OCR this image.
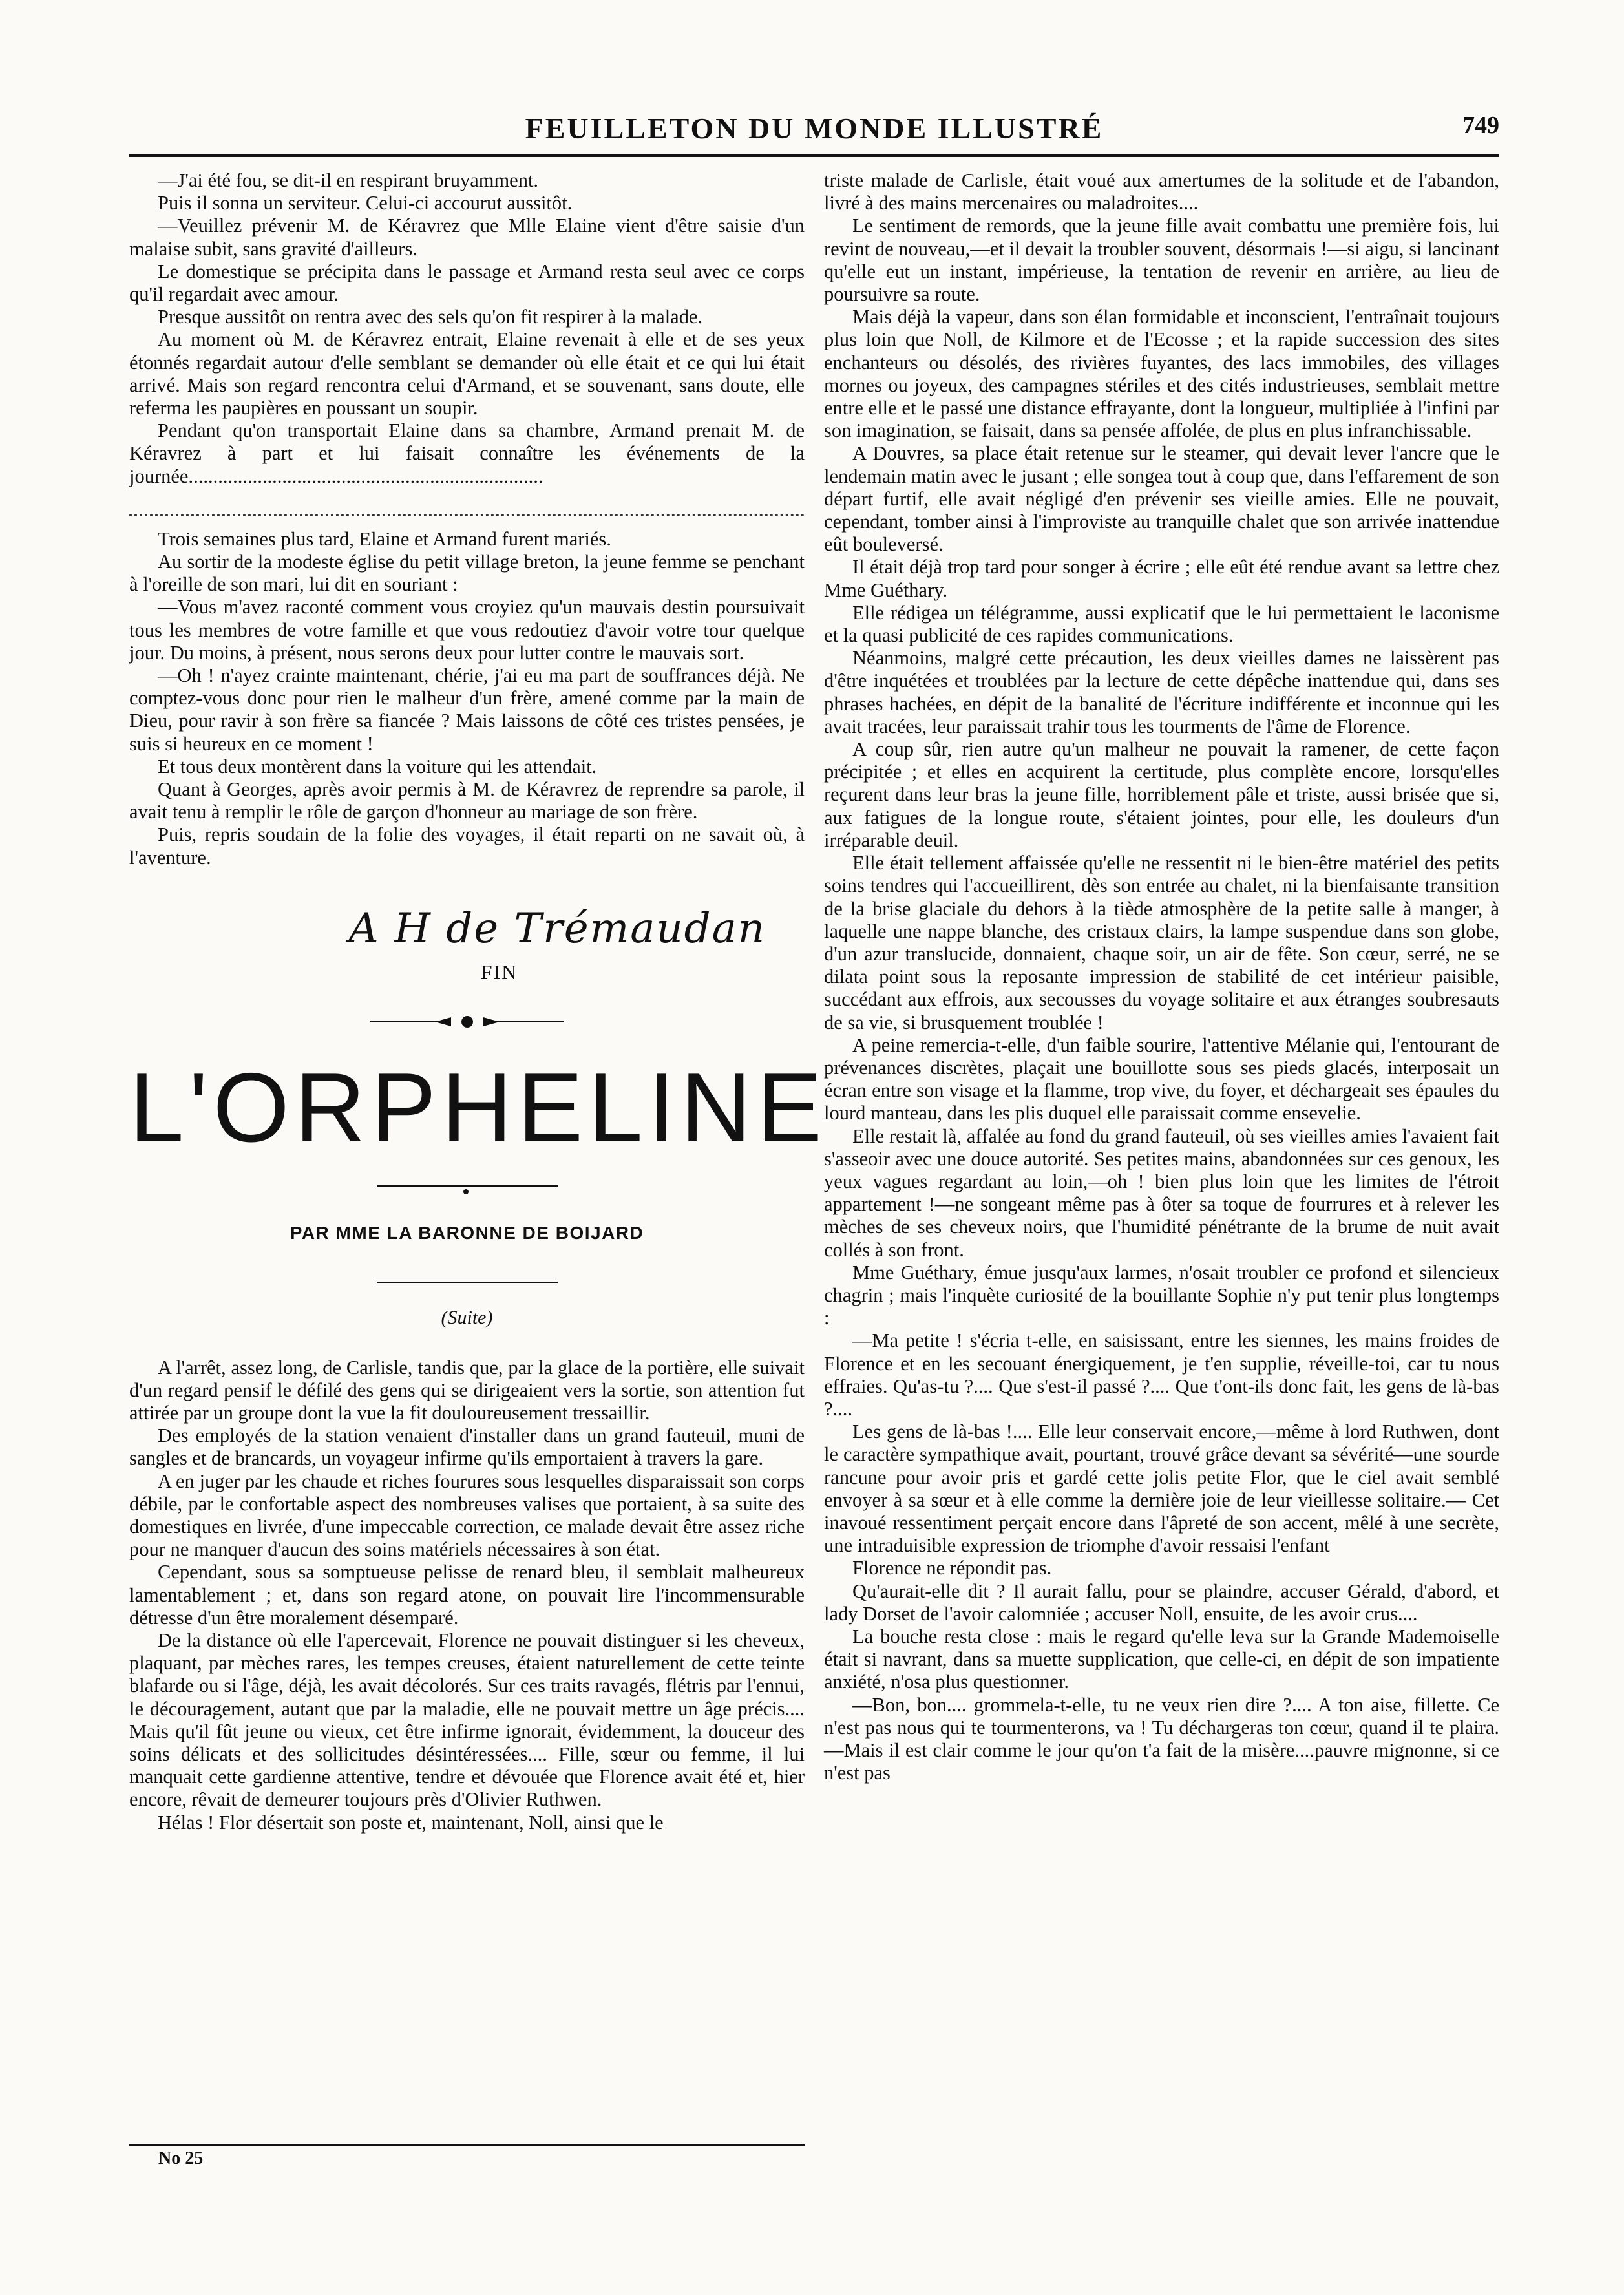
FEUILLETON DU MONDE ILLUSTRÉ	749

—J'ai été fou, se dit-il en respirant bruyamment.

Puis il sonna un serviteur. Celui-ci accourut aussitôt.

—Veuillez prévenir M. de Kéravrez que Mlle Elaine vient d'être saisie d'un malaise subit, sans gravité d'ailleurs.

Le domestique se précipita dans le passage et Armand resta seul avec ce corps qu'il regardait avec amour.

Presque aussitôt on rentra avec des sels qu'on fit respirer à la malade.

Au moment où M. de Kéravrez entrait, Elaine revenait à elle et de ses yeux étonnés regardait autour d'elle semblant se demander où elle était et ce qui lui était arrivé. Mais son regard rencontra celui d'Armand, et se souvenant, sans doute, elle referma les paupières en poussant un soupir.

Pendant qu'on transportait Elaine dans sa chambre, Armand prenait M. de Kéravrez à part et lui faisait connaître les événements de la journée........................................................................

Trois semaines plus tard, Elaine et Armand furent mariés.

Au sortir de la modeste église du petit village breton, la jeune femme se penchant à l'oreille de son mari, lui dit en souriant :

—Vous m'avez raconté comment vous croyiez qu'un mauvais destin poursuivait tous les membres de votre famille et que vous redoutiez d'avoir votre tour quelque jour. Du moins, à présent, nous serons deux pour lutter contre le mauvais sort.

—Oh ! n'ayez crainte maintenant, chérie, j'ai eu ma part de souffrances déjà. Ne comptez-vous donc pour rien le malheur d'un frère, amené comme par la main de Dieu, pour ravir à son frère sa fiancée ? Mais laissons de côté ces tristes pensées, je suis si heureux en ce moment !

Et tous deux montèrent dans la voiture qui les attendait.

Quant à Georges, après avoir permis à M. de Kéravrez de reprendre sa parole, il avait tenu à remplir le rôle de garçon d'honneur au mariage de son frère.

Puis, repris soudain de la folie des voyages, il était reparti on ne savait où, à l'aventure.

A H de Trémaudan
FIN
L'ORPHELINE
PAR MME LA BARONNE DE BOIJARD
(Suite)

A l'arrêt, assez long, de Carlisle, tandis que, par la glace de la portière, elle suivait d'un regard pensif le défilé des gens qui se dirigeaient vers la sortie, son attention fut attirée par un groupe dont la vue la fit douloureusement tressaillir.

Des employés de la station venaient d'installer dans un grand fauteuil, muni de sangles et de brancards, un voyageur infirme qu'ils emportaient à travers la gare.

A en juger par les chaude et riches fourures sous lesquelles disparaissait son corps débile, par le confortable aspect des nombreuses valises que portaient, à sa suite des domestiques en livrée, d'une impeccable correction, ce malade devait être assez riche pour ne manquer d'aucun des soins matériels nécessaires à son état.

Cependant, sous sa somptueuse pelisse de renard bleu, il semblait malheureux lamentablement ; et, dans son regard atone, on pouvait lire l'incommensurable détresse d'un être moralement désemparé.

De la distance où elle l'apercevait, Florence ne pouvait distinguer si les cheveux, plaquant, par mèches rares, les tempes creuses, étaient naturellement de cette teinte blafarde ou si l'âge, déjà, les avait décolorés. Sur ces traits ravagés, flétris par l'ennui, le découragement, autant que par la maladie, elle ne pouvait mettre un âge précis.... Mais qu'il fût jeune ou vieux, cet être infirme ignorait, évidemment, la douceur des soins délicats et des sollicitudes désintéressées.... Fille, sœur ou femme, il lui manquait cette gardienne attentive, tendre et dévouée que Florence avait été et, hier encore, rêvait de demeurer toujours près d'Olivier Ruthwen.

Hélas ! Flor désertait son poste et, maintenant, Noll, ainsi que le

triste malade de Carlisle, était voué aux amertumes de la solitude et de l'abandon, livré à des mains mercenaires ou maladroites....

Le sentiment de remords, que la jeune fille avait combattu une première fois, lui revint de nouveau,—et il devait la troubler souvent, désormais !—si aigu, si lancinant qu'elle eut un instant, impérieuse, la tentation de revenir en arrière, au lieu de poursuivre sa route.

Mais déjà la vapeur, dans son élan formidable et inconscient, l'entraînait toujours plus loin que Noll, de Kilmore et de l'Ecosse ; et la rapide succession des sites enchanteurs ou désolés, des rivières fuyantes, des lacs immobiles, des villages mornes ou joyeux, des campagnes stériles et des cités industrieuses, semblait mettre entre elle et le passé une distance effrayante, dont la longueur, multipliée à l'infini par son imagination, se faisait, dans sa pensée affolée, de plus en plus infranchissable.

A Douvres, sa place était retenue sur le steamer, qui devait lever l'ancre que le lendemain matin avec le jusant ; elle songea tout à coup que, dans l'effarement de son départ furtif, elle avait négligé d'en prévenir ses vieille amies. Elle ne pouvait, cependant, tomber ainsi à l'improviste au tranquille chalet que son arrivée inattendue eût bouleversé.

Il était déjà trop tard pour songer à écrire ; elle eût été rendue avant sa lettre chez Mme Guéthary.

Elle rédigea un télégramme, aussi explicatif que le lui permettaient le laconisme et la quasi publicité de ces rapides communications.

Néanmoins, malgré cette précaution, les deux vieilles dames ne laissèrent pas d'être inquétées et troublées par la lecture de cette dépêche inattendue qui, dans ses phrases hachées, en dépit de la banalité de l'écriture indifférente et inconnue qui les avait tracées, leur paraissait trahir tous les tourments de l'âme de Florence.

A coup sûr, rien autre qu'un malheur ne pouvait la ramener, de cette façon précipitée ; et elles en acquirent la certitude, plus complète encore, lorsqu'elles reçurent dans leur bras la jeune fille, horriblement pâle et triste, aussi brisée que si, aux fatigues de la longue route, s'étaient jointes, pour elle, les douleurs d'un irréparable deuil.

Elle était tellement affaissée qu'elle ne ressentit ni le bien-être matériel des petits soins tendres qui l'accueillirent, dès son entrée au chalet, ni la bienfaisante transition de la brise glaciale du dehors à la tiède atmosphère de la petite salle à manger, à laquelle une nappe blanche, des cristaux clairs, la lampe suspendue dans son globe, d'un azur translucide, donnaient, chaque soir, un air de fête. Son cœur, serré, ne se dilata point sous la reposante impression de stabilité de cet intérieur paisible, succédant aux effrois, aux secousses du voyage solitaire et aux étranges soubresauts de sa vie, si brusquement troublée !

A peine remercia-t-elle, d'un faible sourire, l'attentive Mélanie qui, l'entourant de prévenances discrètes, plaçait une bouillotte sous ses pieds glacés, interposait un écran entre son visage et la flamme, trop vive, du foyer, et déchargeait ses épaules du lourd manteau, dans les plis duquel elle paraissait comme ensevelie.

Elle restait là, affalée au fond du grand fauteuil, où ses vieilles amies l'avaient fait s'asseoir avec une douce autorité. Ses petites mains, abandonnées sur ces genoux, les yeux vagues regardant au loin,—oh ! bien plus loin que les limites de l'étroit appartement !—ne songeant même pas à ôter sa toque de fourrures et à relever les mèches de ses cheveux noirs, que l'humidité pénétrante de la brume de nuit avait collés à son front.

Mme Guéthary, émue jusqu'aux larmes, n'osait troubler ce profond et silencieux chagrin ; mais l'inquète curiosité de la bouillante Sophie n'y put tenir plus longtemps :

—Ma petite ! s'écria t-elle, en saisissant, entre les siennes, les mains froides de Florence et en les secouant énergiquement, je t'en supplie, réveille-toi, car tu nous effraies. Qu'as-tu ?.... Que s'est-il passé ?.... Que t'ont-ils donc fait, les gens de là-bas ?....

Les gens de là-bas !.... Elle leur conservait encore,—même à lord Ruthwen, dont le caractère sympathique avait, pourtant, trouvé grâce devant sa sévérité—une sourde rancune pour avoir pris et gardé cette jolis petite Flor, que le ciel avait semblé envoyer à sa sœur et à elle comme la dernière joie de leur vieillesse solitaire.— Cet inavoué ressentiment perçait encore dans l'âpreté de son accent, mêlé à une secrète, une intraduisible expression de triomphe d'avoir ressaisi l'enfant

Florence ne répondit pas.

Qu'aurait-elle dit ? Il aurait fallu, pour se plaindre, accuser Gérald, d'abord, et lady Dorset de l'avoir calomniée ; accuser Noll, ensuite, de les avoir crus....

La bouche resta close : mais le regard qu'elle leva sur la Grande Mademoiselle était si navrant, dans sa muette supplication, que celle-ci, en dépit de son impatiente anxiété, n'osa plus questionner.

—Bon, bon.... grommela-t-elle, tu ne veux rien dire ?.... A ton aise, fillette. Ce n'est pas nous qui te tourmenterons, va ! Tu déchargeras ton cœur, quand il te plaira.—Mais il est clair comme le jour qu'on t'a fait de la misère....pauvre mignonne, si ce n'est pas

No 25
